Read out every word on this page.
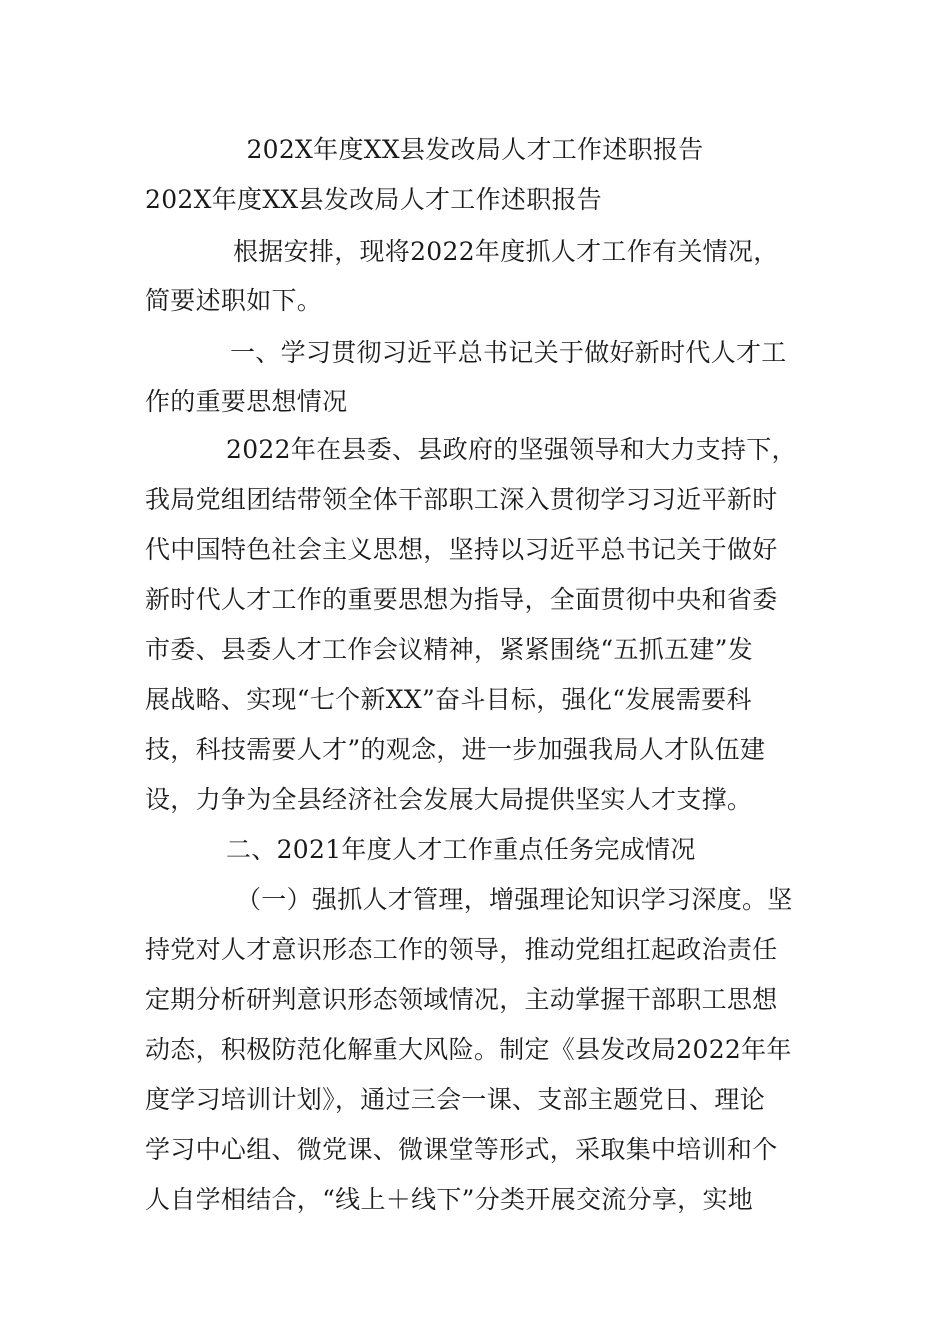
202X年度XX县发改局人才工作述职报告
202X年度XX县发改局人才工作述职报告
根据安排，现将2022年度抓人才工作有关情况，
简要述职如下。
一、学习贯彻习近平总书记关于做好新时代人才工
作的重要思想情况
2022年在县委、县政府的坚强领导和大力支持下，
我局党组团结带领全体干部职工深入贯彻学习习近平新时
代中国特色社会主义思想，坚持以习近平总书记关于做好
新时代人才工作的重要思想为指导，全面贯彻中央和省委
市委、县委人才工作会议精神，紧紧围绕“五抓五建”发
展战略、实现“七个新XX”奋斗目标，强化“发展需要科
技，科技需要人才”的观念，进一步加强我局人才队伍建
设，力争为全县经济社会发展大局提供坚实人才支撑。
二、2021年度人才工作重点任务完成情况
（一）强抓人才管理，增强理论知识学习深度。坚
持党对人才意识形态工作的领导，推动党组扛起政治责任
定期分析研判意识形态领域情况，主动掌握干部职工思想
动态，积极防范化解重大风险。制定《县发改局2022年年
度学习培训计划》，通过三会一课、支部主题党日、理论
学习中心组、微党课、微课堂等形式，采取集中培训和个
人自学相结合，“线上＋线下”分类开展交流分享，实地
